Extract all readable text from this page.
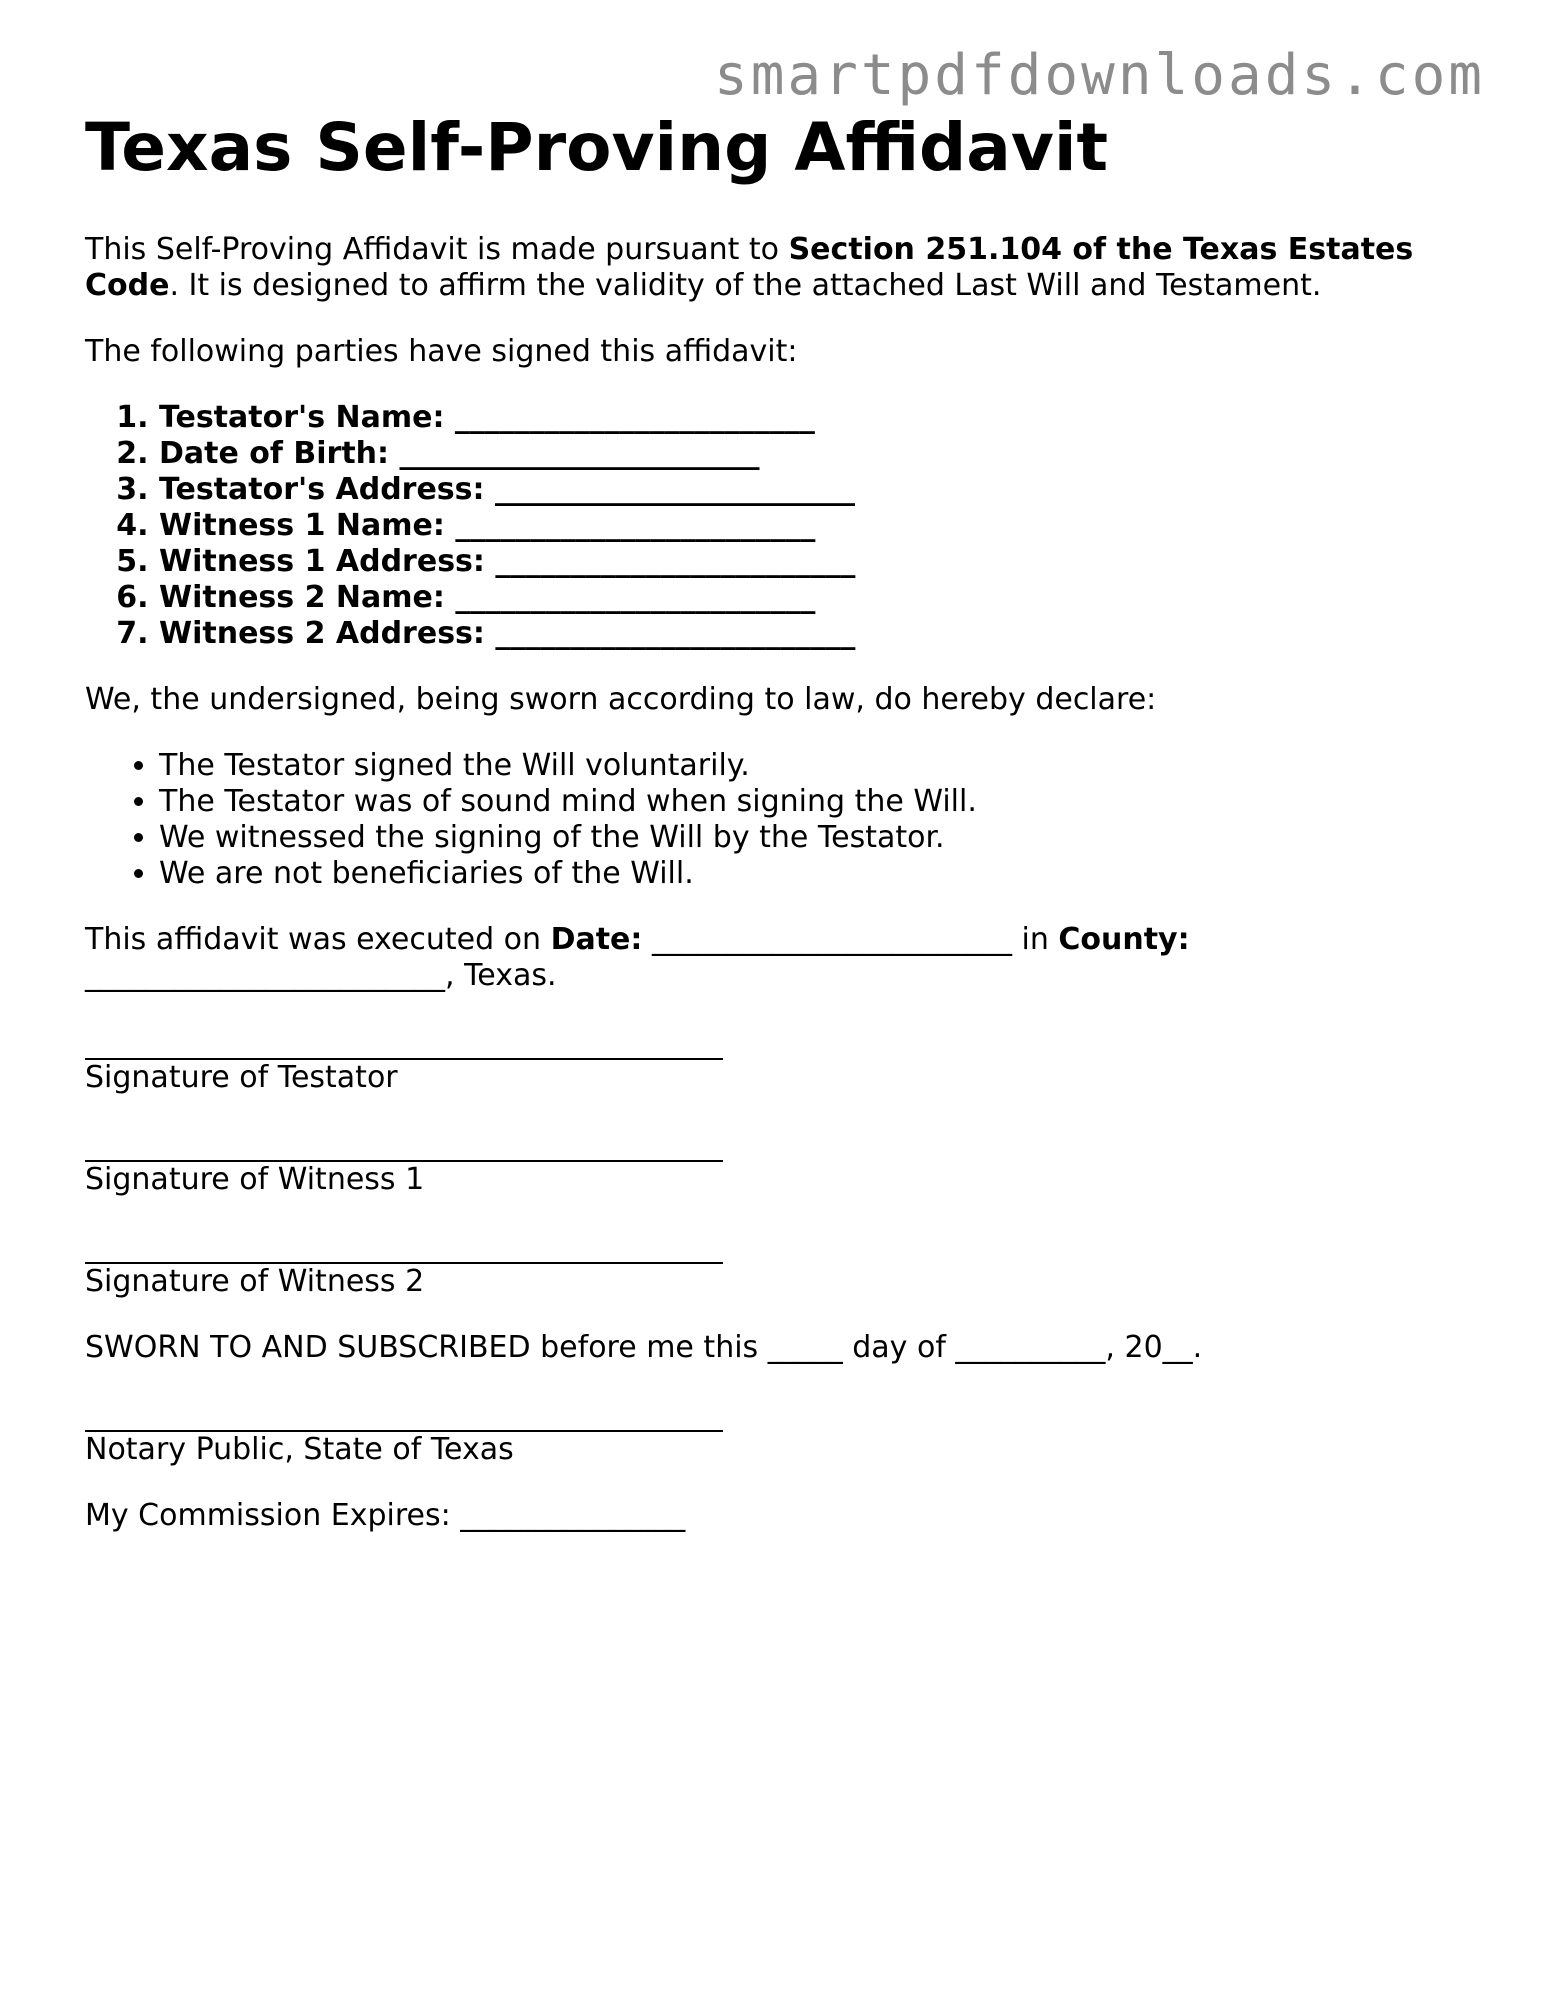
smartpdfdownloads.com
Texas Self-Proving Affidavit

This Self-Proving Affidavit is made pursuant to Section 251.104 of the Texas Estates Code. It is designed to affirm the validity of the attached Last Will and Testament.

The following parties have signed this affidavit:

1. Testator's Name: ________________________
2. Date of Birth: ________________________
3. Testator's Address: ________________________
4. Witness 1 Name: ________________________
5. Witness 1 Address: ________________________
6. Witness 2 Name: ________________________
7. Witness 2 Address: ________________________

We, the undersigned, being sworn according to law, do hereby declare:

• The Testator signed the Will voluntarily.
• The Testator was of sound mind when signing the Will.
• We witnessed the signing of the Will by the Testator.
• We are not beneficiaries of the Will.

This affidavit was executed on Date: ________________________ in County: ________________________, Texas.

Signature of Testator
Signature of Witness 1
Signature of Witness 2

SWORN TO AND SUBSCRIBED before me this _____ day of __________, 20__.

Notary Public, State of Texas

My Commission Expires: _______________
